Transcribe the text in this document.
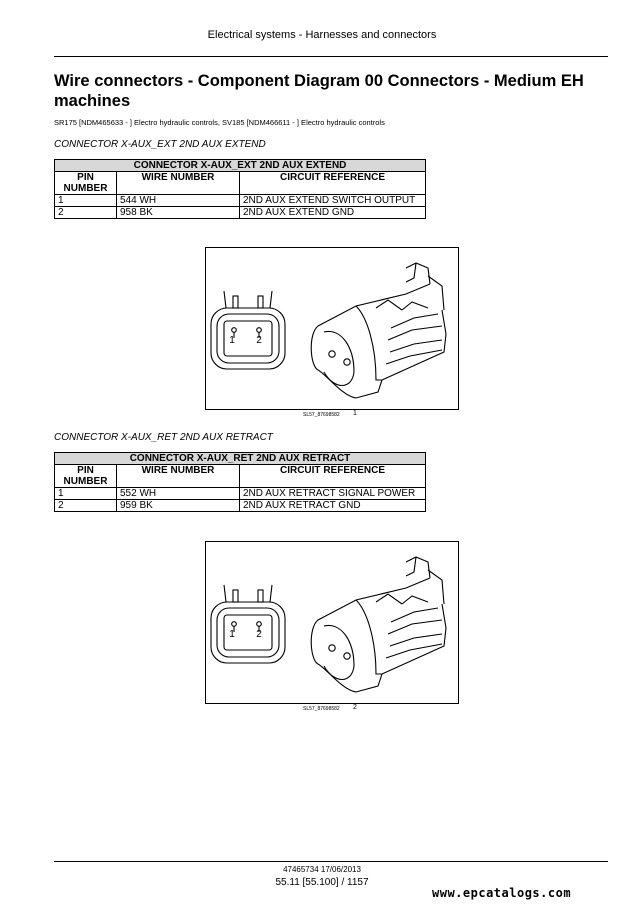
Electrical systems - Harnesses and connectors
Wire connectors - Component Diagram 00 Connectors - Medium EH machines
SR175 [NDM465633 - ] Electro hydraulic controls, SV185 [NDM466611 - ] Electro hydraulic controls
CONNECTOR X-AUX_EXT 2ND AUX EXTEND
CONNECTOR X-AUX_EXT 2ND AUX EXTEND		
PIN NUMBER	WIRE NUMBER	CIRCUIT REFERENCE
1	544 WH	2ND AUX EXTEND SWITCH OUTPUT
2	958 BK	2ND AUX EXTEND GND
1 2
SL57_87698582 1
CONNECTOR X-AUX_RET 2ND AUX RETRACT
CONNECTOR X-AUX_RET 2ND AUX RETRACT		
PIN NUMBER	WIRE NUMBER	CIRCUIT REFERENCE
1	552 WH	2ND AUX RETRACT SIGNAL POWER
2	959 BK	2ND AUX RETRACT GND
1 2
SL57_87698582 2
47465734 17/06/2013
55.11 [55.100] / 1157
www.epcatalogs.com
